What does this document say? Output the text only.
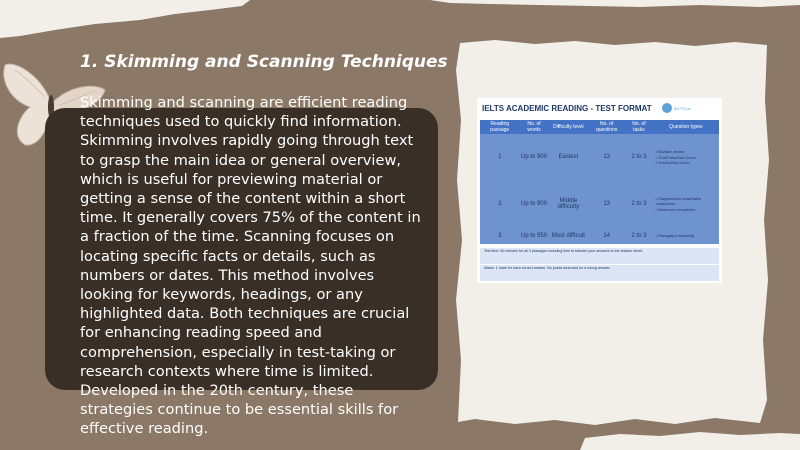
1. Skimming and Scanning Techniques

Skimming and scanning are efficient reading techniques used to quickly find information. Skimming involves rapidly going through text to grasp the main idea or general overview, which is useful for previewing material or getting a sense of the content within a short time. It generally covers 75% of the content in a fraction of the time. Scanning focuses on locating specific facts or details, such as numbers or dates. This method involves looking for keywords, headings, or any highlighted data. Both techniques are crucial for enhancing reading speed and comprehension, especially in test-taking or research contexts where time is limited. Developed in the 20th century, these strategies continue to be essential skills for effective reading.

IELTS ACADEMIC READING - TEST FORMAT	IELTS Liz
Reading passage	No. of words	Difficulty level	No. of questions	No. of tasks	Question types
1	Up to 900	Easiest	13	2 to 3	• Multiple choice
• True/False/Not Given
• Yes/No/Not Given

2	Up to 900	Middle difficulty	13	2 to 3	• Diagram/flow chart/table completion
• Sentence completion

3	Up to 950	Most difficult	14	2 to 3	• Paragraph matching
Test time: 60 minutes for all 3 passages including time to transfer your answers to the answer sheet.
Marks: 1 mark for each correct answer. No points deducted for a wrong answer.
